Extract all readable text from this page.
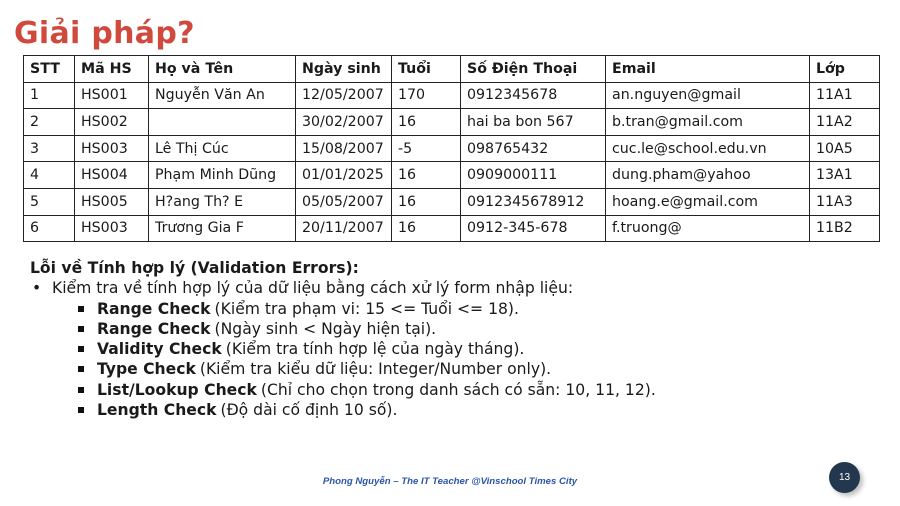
Giải pháp?
STT	Mã HS	Họ và Tên	Ngày sinh	Tuổi	Số Điện Thoại	Email	Lớp
1	HS001	Nguyễn Văn An	12/05/2007	170	0912345678	an.nguyen@gmail	11A1
2	HS002		30/02/2007	16	hai ba bon 567	b.tran@gmail.com	11A2
3	HS003	Lê Thị Cúc	15/08/2007	-5	098765432	cuc.le@school.edu.vn	10A5
4	HS004	Phạm Minh Dũng	01/01/2025	16	0909000111	dung.pham@yahoo	13A1
5	HS005	H?ang Th? E	05/05/2007	16	0912345678912	hoang.e@gmail.com	11A3
6	HS003	Trương Gia F	20/11/2007	16	0912-345-678	f.truong@	11B2
Lỗi về Tính hợp lý (Validation Errors):
• Kiểm tra về tính hợp lý của dữ liệu bằng cách xử lý form nhập liệu:
Range Check (Kiểm tra phạm vi: 15 <= Tuổi <= 18).
Range Check (Ngày sinh < Ngày hiện tại).
Validity Check (Kiểm tra tính hợp lệ của ngày tháng).
Type Check (Kiểm tra kiểu dữ liệu: Integer/Number only).
List/Lookup Check (Chỉ cho chọn trong danh sách có sẵn: 10, 11, 12).
Length Check (Độ dài cố định 10 số).
Phong Nguyễn – The IT Teacher @Vinschool Times City	13
